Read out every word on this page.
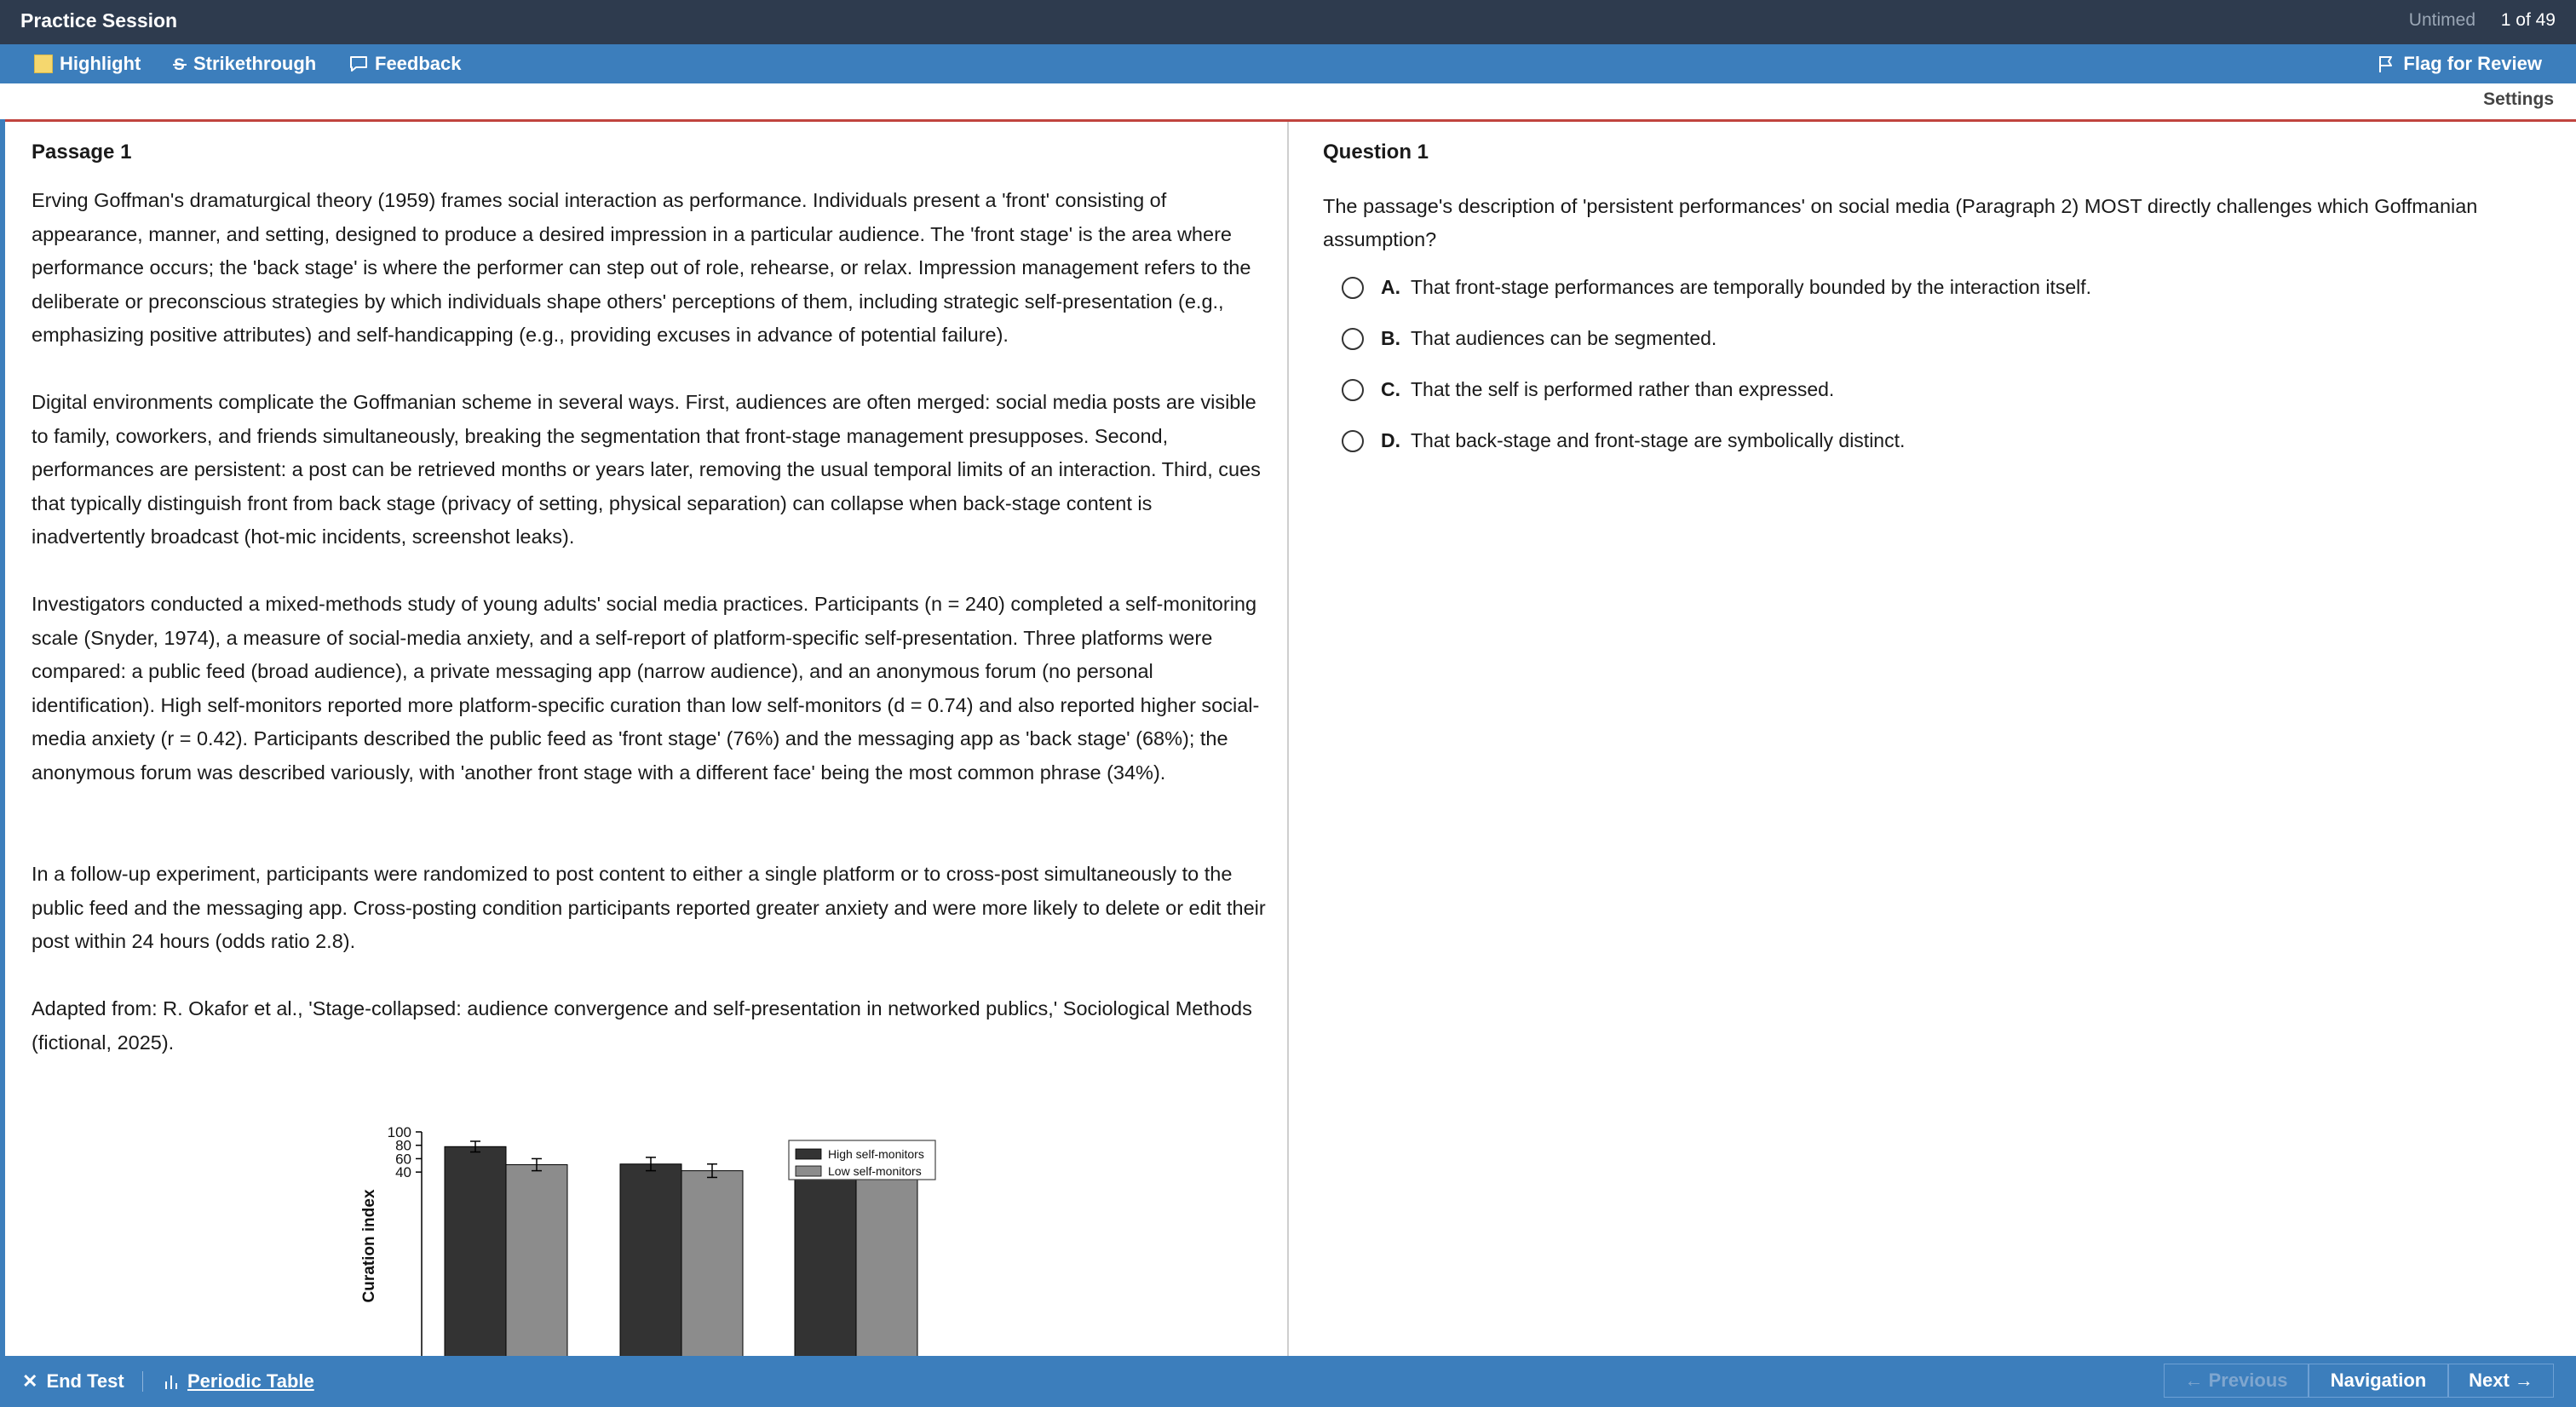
Practice Session	Untimed 1 of 49
Highlight S Strikethrough	Feedback	Flag for Review
Settings
Passage 1

Erving Goffman's dramaturgical theory (1959) frames social interaction as performance. Individuals present a 'front' consisting of appearance, manner, and setting, designed to produce a desired impression in a particular audience. The 'front stage' is the area where performance occurs; the 'back stage' is where the performer can step out of role, rehearse, or relax. Impression management refers to the deliberate or preconscious strategies by which individuals shape others' perceptions of them, including strategic self-presentation (e.g., emphasizing positive attributes) and self-handicapping (e.g., providing excuses in advance of potential failure).

Digital environments complicate the Goffmanian scheme in several ways. First, audiences are often merged: social media posts are visible to family, coworkers, and friends simultaneously, breaking the segmentation that front-stage management presupposes. Second, performances are persistent: a post can be retrieved months or years later, removing the usual temporal limits of an interaction. Third, cues that typically distinguish front from back stage (privacy of setting, physical separation) can collapse when back-stage content is inadvertently broadcast (hot-mic incidents, screenshot leaks).

Investigators conducted a mixed-methods study of young adults' social media practices. Participants (n = 240) completed a self-monitoring scale (Snyder, 1974), a measure of social-media anxiety, and a self-report of platform-specific self-presentation. Three platforms were compared: a public feed (broad audience), a private messaging app (narrow audience), and an anonymous forum (no personal identification). High self-monitors reported more platform-specific curation than low self-monitors (d = 0.74) and also reported higher social-media anxiety (r = 0.42). Participants described the public feed as 'front stage' (76%) and the messaging app as 'back stage' (68%); the anonymous forum was described variously, with 'another front stage with a different face' being the most common phrase (34%).

In a follow-up experiment, participants were randomized to post content to either a single platform or to cross-post simultaneously to the public feed and the messaging app. Cross-posting condition participants reported greater anxiety and were more likely to delete or edit their post within 24 hours (odds ratio 2.8).

Adapted from: R. Okafor et al., 'Stage-collapsed: audience convergence and self-presentation in networked publics,' Sociological Methods (fictional, 2025).

40
60
80
100
Curation index
High self-monitors
Low self-monitors
Question 1

The passage's description of 'persistent performances' on social media (Paragraph 2) MOST directly challenges which Goffmanian assumption?

A. That front-stage performances are temporally bounded by the interaction itself.
B. That audiences can be segmented.
C. That the self is performed rather than expressed.
D. That back-stage and front-stage are symbolically distinct.
✕ End Test	Periodic Table	← Previous	Navigation	Next →
